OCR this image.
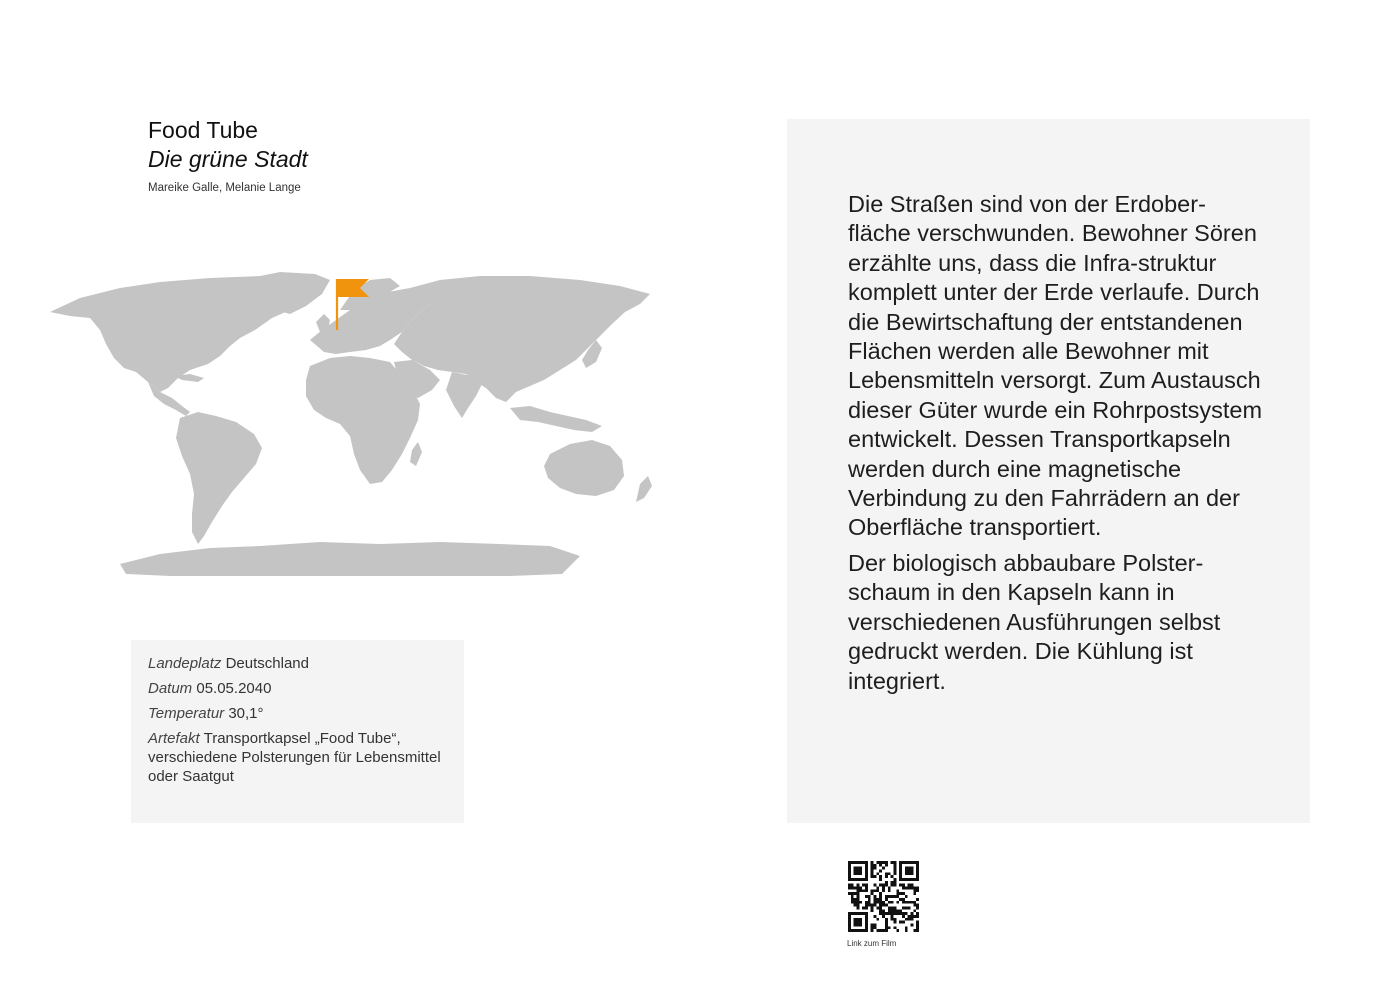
Food Tube
Die grüne Stadt
Mareike Galle, Melanie Lange
Landeplatz Deutschland
Datum 05.05.2040
Temperatur 30,1°
Artefakt Transportkapsel „Food Tube“, verschiedene Polsterungen für Lebensmittel oder Saatgut

Die Straßen sind von der Erdober-fläche verschwunden. Bewohner Sören erzählte uns, dass die Infra-struktur komplett unter der Erde verlaufe. Durch die Bewirtschaftung der entstandenen Flächen werden alle Bewohner mit Lebensmitteln versorgt. Zum Austausch dieser Güter wurde ein Rohrpostsystem entwickelt. Dessen Transportkapseln werden durch eine magnetische Verbindung zu den Fahrrädern an der Oberfläche transportiert.

Der biologisch abbaubare Polster-schaum in den Kapseln kann in verschiedenen Ausführungen selbst gedruckt werden. Die Kühlung ist integriert.

Link zum Film
